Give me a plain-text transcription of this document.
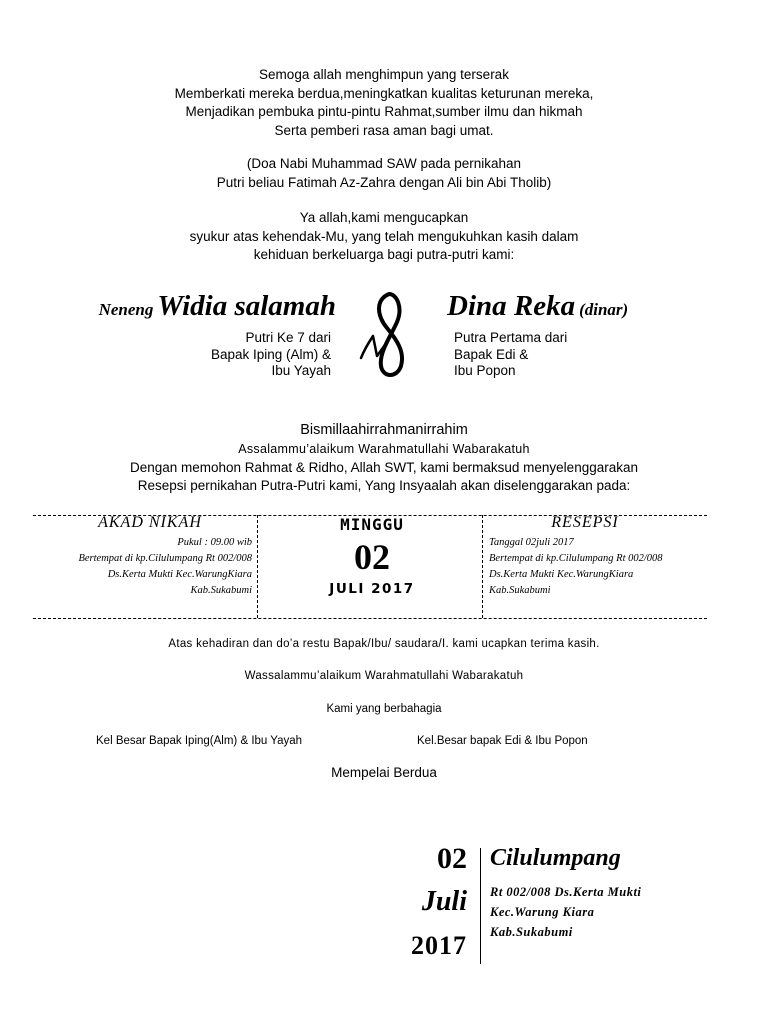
Semoga allah menghimpun yang terserak
Memberkati mereka berdua,meningkatkan kualitas keturunan mereka,
Menjadikan pembuka pintu-pintu Rahmat,sumber ilmu dan hikmah
Serta pemberi rasa aman bagi umat.
(Doa Nabi Muhammad SAW pada pernikahan
Putri beliau Fatimah Az-Zahra dengan Ali bin Abi Tholib)
Ya allah,kami mengucapkan
syukur atas kehendak-Mu, yang telah mengukuhkan kasih dalam
kehiduan berkeluarga bagi putra-putri kami:
Neneng Widia salamah	Dina Reka (dinar)
Putri Ke 7 dari
Bapak Iping (Alm) &
Ibu Yayah
Putra Pertama dari
Bapak Edi &
Ibu Popon
Bismillaahirrahmanirrahim
Assalammu’alaikum Warahmatullahi Wabarakatuh
Dengan memohon Rahmat & Ridho, Allah SWT, kami bermaksud menyelenggarakan
Resepsi pernikahan Putra-Putri kami, Yang Insyaalah akan diselenggarakan pada:
AKAD NIKAH
Pukul : 09.00 wib
Bertempat di kp.Cilulumpang Rt 002/008
Ds.Kerta Mukti Kec.WarungKiara
Kab.Sukabumi
MINGGU
02
JULI 2017
RESEPSI
Tanggal 02juli 2017
Bertempat di kp.Cilulumpang Rt 002/008
Ds.Kerta Mukti Kec.WarungKiara
Kab.Sukabumi
Atas kehadiran dan do’a restu Bapak/Ibu/ saudara/I. kami ucapkan terima kasih.
Wassalammu’alaikum Warahmatullahi Wabarakatuh
Kami yang berbahagia
Kel Besar Bapak Iping(Alm) & Ibu Yayah	Kel.Besar bapak Edi & Ibu Popon
Mempelai Berdua
02
Juli
2017
Cilulumpang
Rt 002/008 Ds.Kerta Mukti
Kec.Warung Kiara
Kab.Sukabumi
